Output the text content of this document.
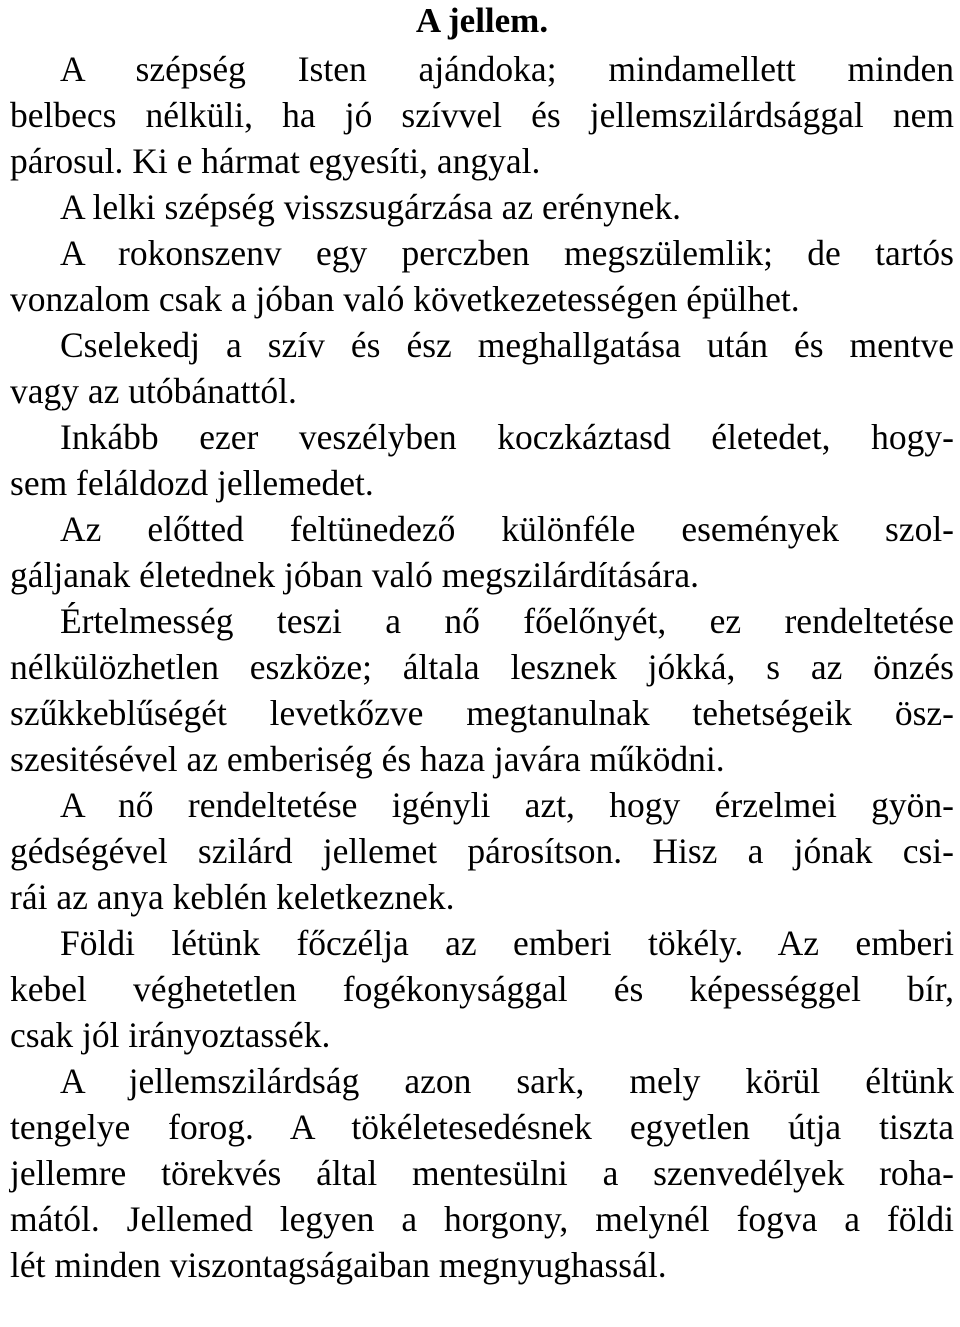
A jellem.
A szépség Isten ajándoka; mindamellett minden
belbecs nélküli, ha jó szívvel és jellemszilárdsággal nem
párosul. Ki e hármat egyesíti, angyal.
A lelki szépség visszsugárzása az erénynek.
A rokonszenv egy perczben megszülemlik; de tartós
vonzalom csak a jóban való következetességen épülhet.
Cselekedj a szív és ész meghallgatása után és mentve
vagy az utóbánattól.
Inkább ezer veszélyben koczkáztasd életedet, hogy-
sem feláldozd jellemedet.
Az előtted feltünedező különféle események szol-
gáljanak életednek jóban való megszilárdítására.
Értelmesség teszi a nő főelőnyét, ez rendeltetése
nélkülözhetlen eszköze; általa lesznek jókká, s az önzés
szűkkeblűségét levetkőzve megtanulnak tehetségeik ösz-
szesitésével az emberiség és haza javára működni.
A nő rendeltetése igényli azt, hogy érzelmei gyön-
gédségével szilárd jellemet párosítson. Hisz a jónak csi-
rái az anya keblén keletkeznek.
Földi létünk főczélja az emberi tökély. Az emberi
kebel véghetetlen fogékonysággal és képességgel bír,
csak jól irányoztassék.
A jellemszilárdság azon sark, mely körül éltünk
tengelye forog. A tökéletesedésnek egyetlen útja tiszta
jellemre törekvés által mentesülni a szenvedélyek roha-
mától. Jellemed legyen a horgony, melynél fogva a földi
lét minden viszontagságaiban megnyughassál.
